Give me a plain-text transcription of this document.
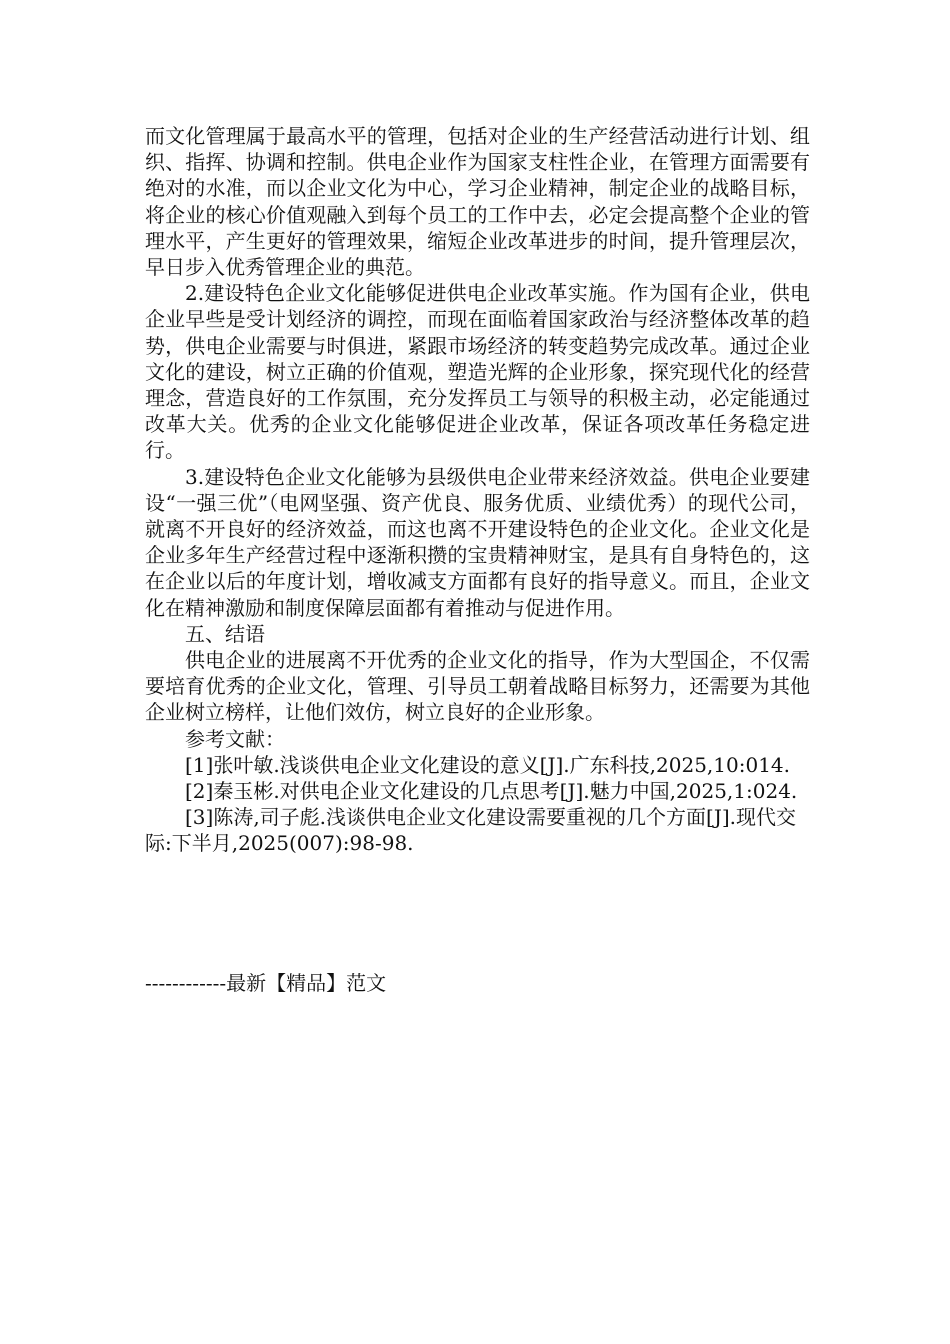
而文化管理属于最高水平的管理，包括对企业的生产经营活动进行计划、组织、指挥、协调和控制。供电企业作为国家支柱性企业，在管理方面需要有绝对的水准，而以企业文化为中心，学习企业精神，制定企业的战略目标，将企业的核心价值观融入到每个员工的工作中去，必定会提高整个企业的管理水平，产生更好的管理效果，缩短企业改革进步的时间，提升管理层次，早日步入优秀管理企业的典范。

2.建设特色企业文化能够促进供电企业改革实施。作为国有企业，供电企业早些是受计划经济的调控，而现在面临着国家政治与经济整体改革的趋势，供电企业需要与时俱进，紧跟市场经济的转变趋势完成改革。通过企业文化的建设，树立正确的价值观，塑造光辉的企业形象，探究现代化的经营理念，营造良好的工作氛围，充分发挥员工与领导的积极主动，必定能通过改革大关。优秀的企业文化能够促进企业改革，保证各项改革任务稳定进行。

3.建设特色企业文化能够为县级供电企业带来经济效益。供电企业要建设“一强三优”（电网坚强、资产优良、服务优质、业绩优秀）的现代公司，就离不开良好的经济效益，而这也离不开建设特色的企业文化。企业文化是企业多年生产经营过程中逐渐积攒的宝贵精神财宝，是具有自身特色的，这在企业以后的年度计划，增收减支方面都有良好的指导意义。而且，企业文化在精神激励和制度保障层面都有着推动与促进作用。

五、结语

供电企业的进展离不开优秀的企业文化的指导，作为大型国企，不仅需要培育优秀的企业文化，管理、引导员工朝着战略目标努力，还需要为其他企业树立榜样，让他们效仿，树立良好的企业形象。

参考文献：

[1]张叶敏.浅谈供电企业文化建设的意义[J].广东科技,2025,10:014.

[2]秦玉彬.对供电企业文化建设的几点思考[J].魅力中国,2025,1:024.

[3]陈涛,司子彪.浅谈供电企业文化建设需要重视的几个方面[J].现代交际:下半月,2025(007):98-98.

------------最新【精品】范文
